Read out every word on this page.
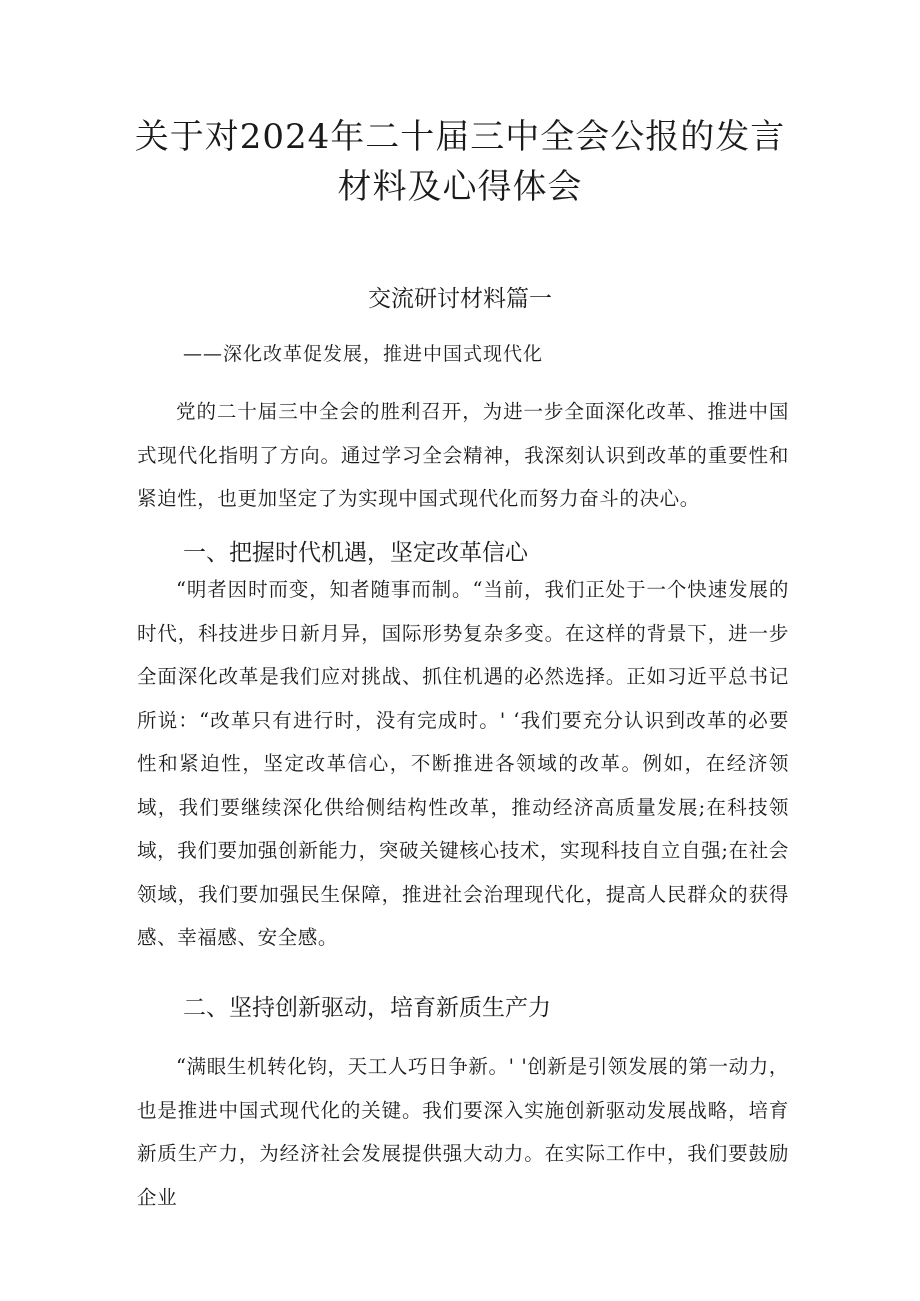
关于对2024年二十届三中全会公报的发言材料及心得体会
交流研讨材料篇一

——深化改革促发展，推进中国式现代化

党的二十届三中全会的胜利召开，为进一步全面深化改革、推进中国式现代化指明了方向。通过学习全会精神，我深刻认识到改革的重要性和紧迫性，也更加坚定了为实现中国式现代化而努力奋斗的决心。

一、把握时代机遇，坚定改革信心

“明者因时而变，知者随事而制。“当前，我们正处于一个快速发展的时代，科技进步日新月异，国际形势复杂多变。在这样的背景下，进一步全面深化改革是我们应对挑战、抓住机遇的必然选择。正如习近平总书记所说：“改革只有进行时，没有完成时。' ‘我们要充分认识到改革的必要性和紧迫性，坚定改革信心，不断推进各领域的改革。例如，在经济领域，我们要继续深化供给侧结构性改革，推动经济高质量发展;在科技领域，我们要加强创新能力，突破关键核心技术，实现科技自立自强;在社会领域，我们要加强民生保障，推进社会治理现代化，提高人民群众的获得感、幸福感、安全感。

二、坚持创新驱动，培育新质生产力

“满眼生机转化钧，天工人巧日争新。' '创新是引领发展的第一动力，也是推进中国式现代化的关键。我们要深入实施创新驱动发展战略，培育新质生产力，为经济社会发展提供强大动力。在实际工作中，我们要鼓励企业
